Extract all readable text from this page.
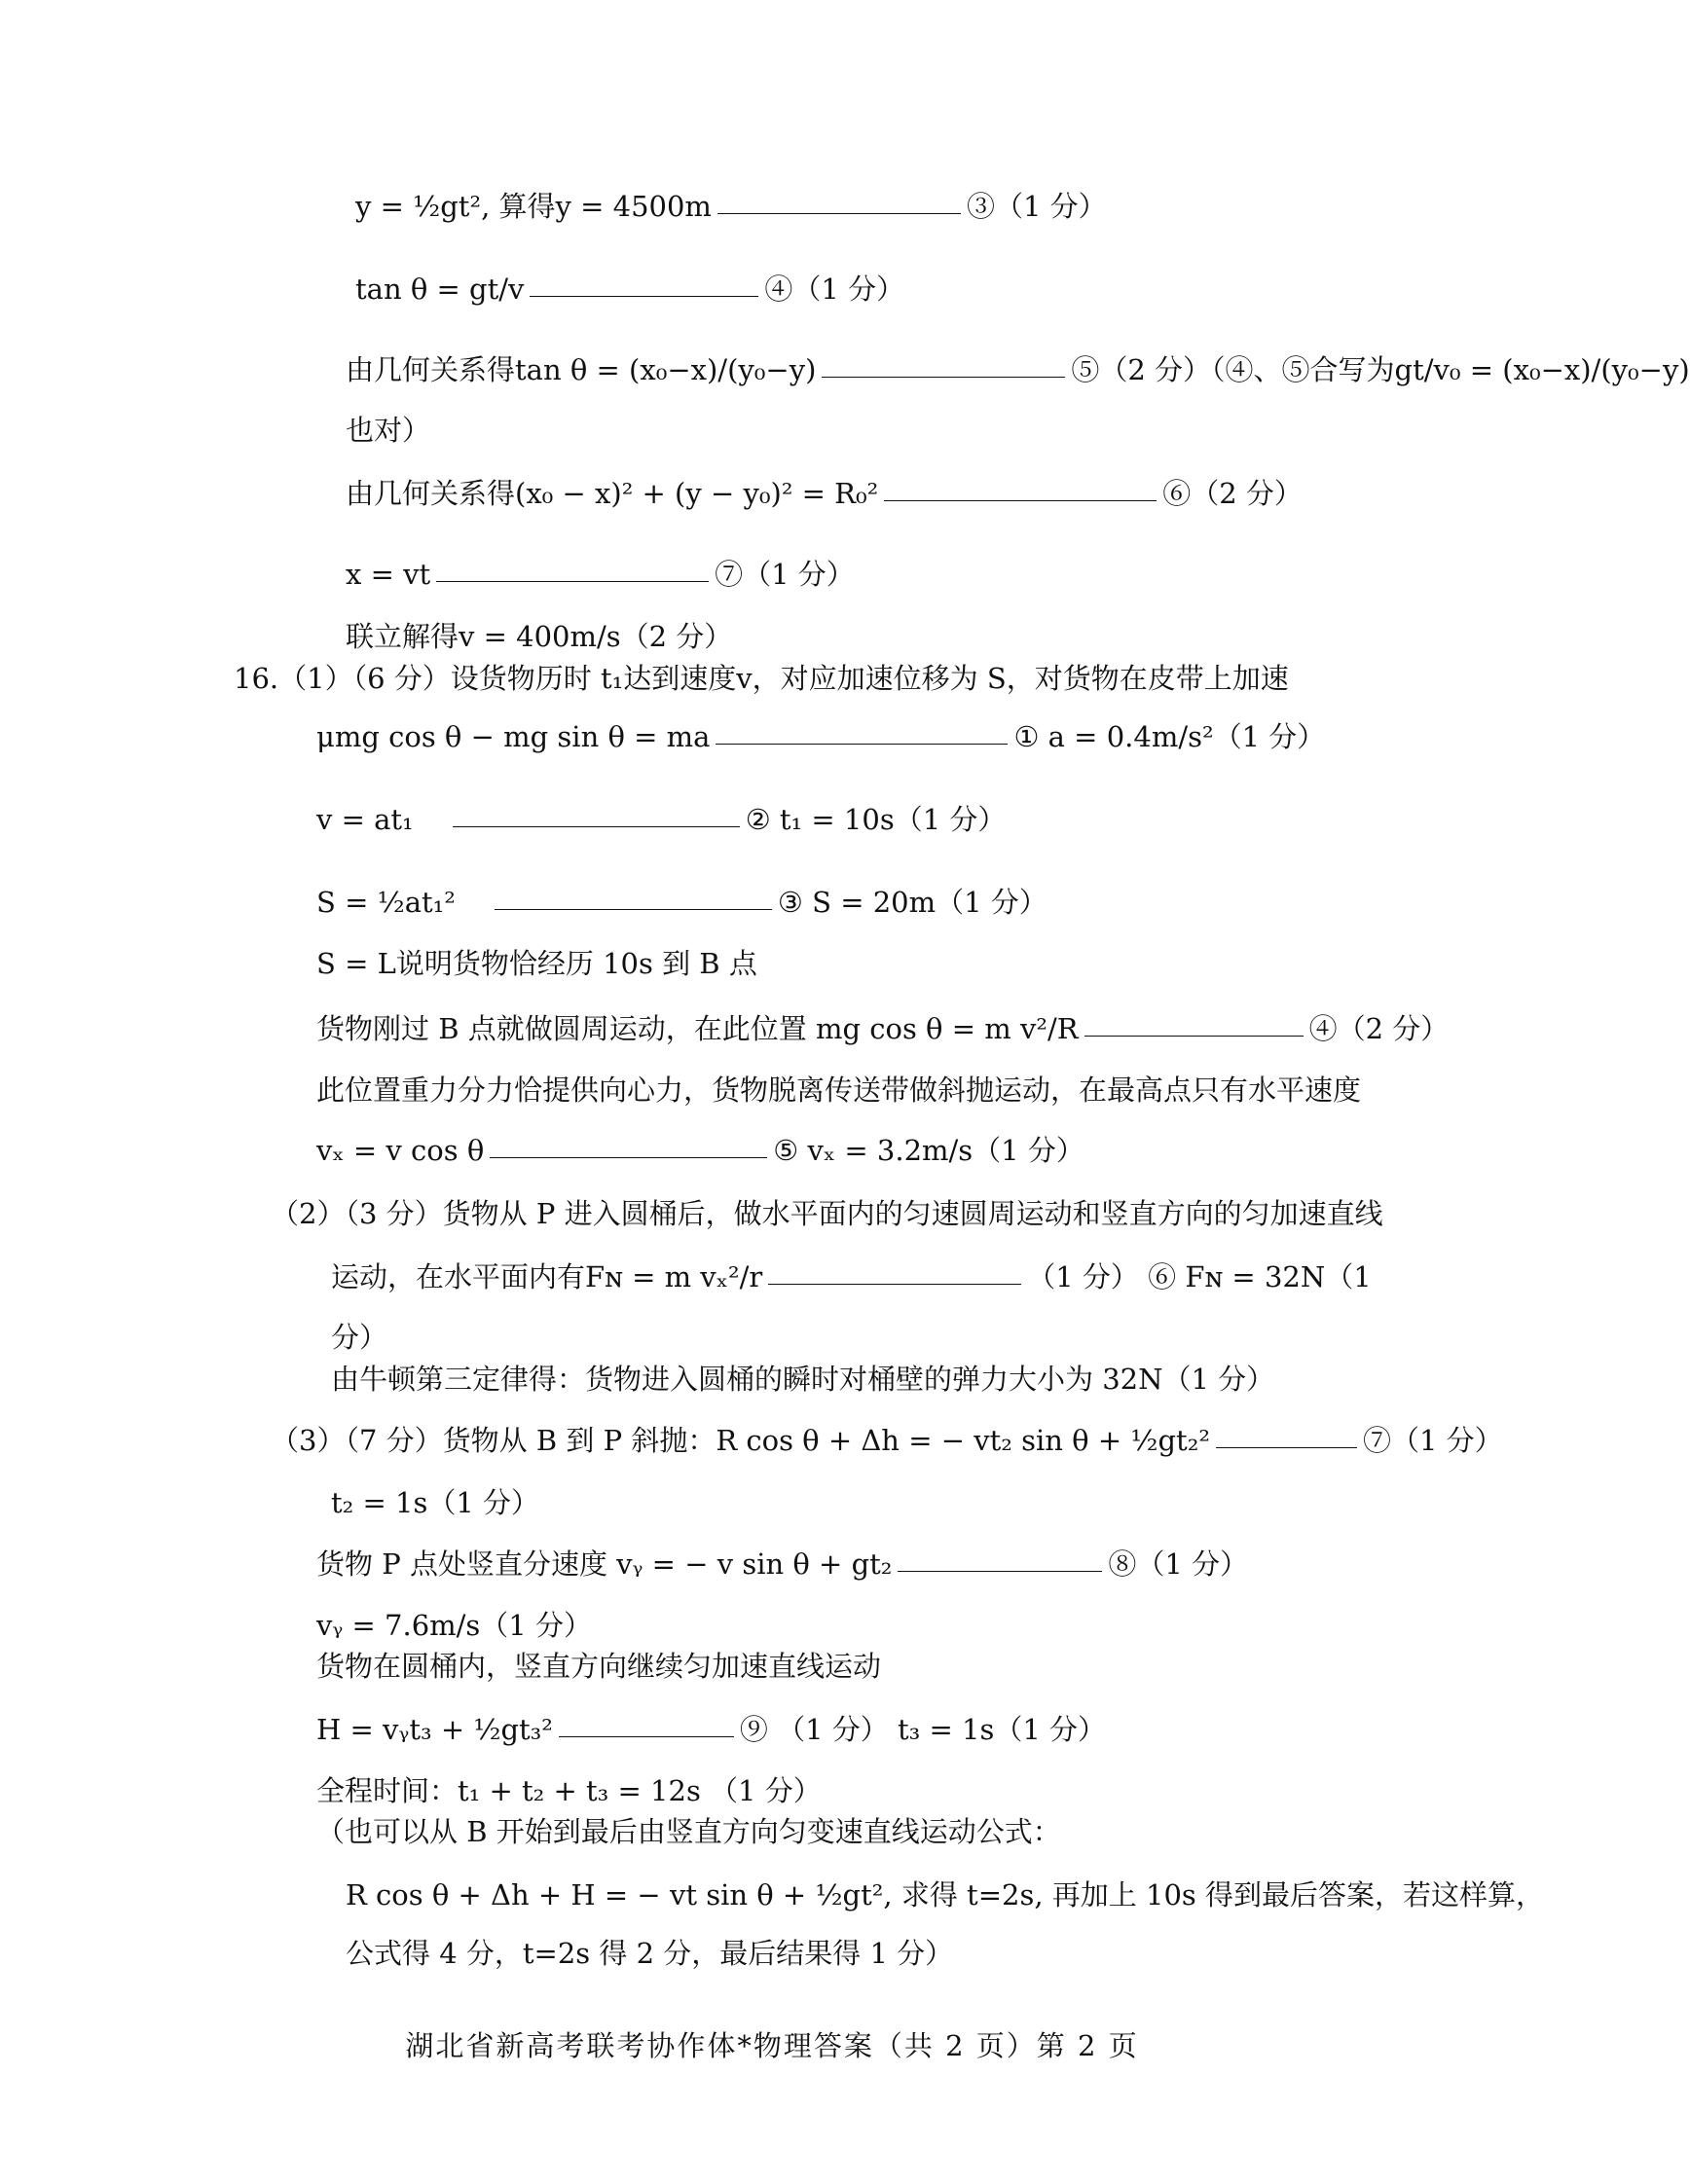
y = ½gt², 算得y = 4500m	③（1 分）
tan θ = gt/v	④（1 分）
由几何关系得tan θ = (x₀−x)/(y₀−y)	⑤（2 分）（④、⑤合写为gt/v₀ = (x₀−x)/(y₀−y)
也对）
由几何关系得(x₀ − x)² + (y − y₀)² = R₀²	⑥（2 分）
x = vt	⑦（1 分）
联立解得v = 400m/s（2 分）
16.（1）（6 分）设货物历时 t₁达到速度v，对应加速位移为 S，对货物在皮带上加速
μmg cos θ − mg sin θ = ma	① a = 0.4m/s²（1 分）
v = at₁	② t₁ = 10s（1 分）
S = ½at₁²	③ S = 20m（1 分）
S = L说明货物恰经历 10s 到 B 点
货物刚过 B 点就做圆周运动，在此位置 mg cos θ = m v²/R	④（2 分）
此位置重力分力恰提供向心力，货物脱离传送带做斜抛运动，在最高点只有水平速度
vₓ = v cos θ	⑤ vₓ = 3.2m/s（1 分）
（2）（3 分）货物从 P 进入圆桶后，做水平面内的匀速圆周运动和竖直方向的匀加速直线
运动，在水平面内有Fɴ = m vₓ²/r	（1 分） ⑥ Fɴ = 32N（1
分）
由牛顿第三定律得：货物进入圆桶的瞬时对桶壁的弹力大小为 32N（1 分）
（3）（7 分）货物从 B 到 P 斜抛：R cos θ + Δh = − vt₂ sin θ + ½gt₂²	⑦（1 分）
t₂ = 1s（1 分）
货物 P 点处竖直分速度 vᵧ = − v sin θ + gt₂	⑧（1 分）
vᵧ = 7.6m/s（1 分）
货物在圆桶内，竖直方向继续匀加速直线运动
H = vᵧt₃ + ½gt₃²	⑨ （1 分） t₃ = 1s（1 分）
全程时间：t₁ + t₂ + t₃ = 12s （1 分）
（也可以从 B 开始到最后由竖直方向匀变速直线运动公式：
R cos θ + Δh + H = − vt sin θ + ½gt², 求得 t=2s, 再加上 10s 得到最后答案，若这样算，
公式得 4 分，t=2s 得 2 分，最后结果得 1 分）
湖北省新高考联考协作体*物理答案（共 2 页）第 2 页
